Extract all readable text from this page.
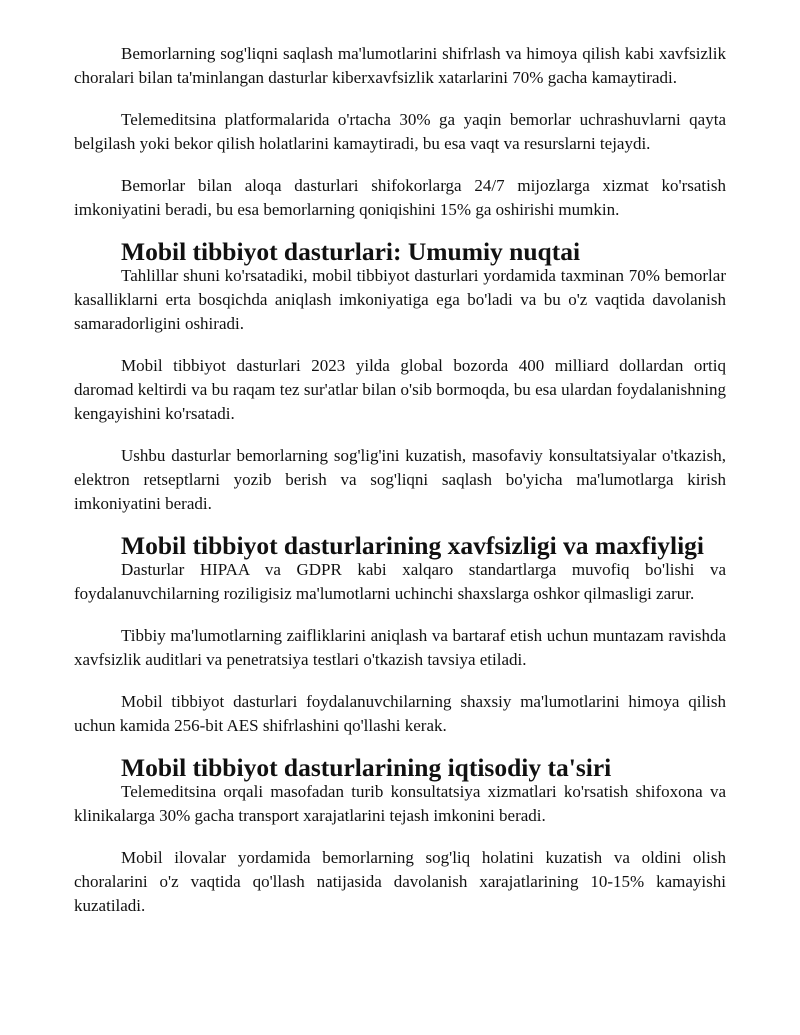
Bemorlarning sog'liqni saqlash ma'lumotlarini shifrlash va himoya qilish kabi xavfsizlik choralari bilan ta'minlangan dasturlar kiberxavfsizlik xatarlarini 70% gacha kamaytiradi.

Telemeditsina platformalarida o'rtacha 30% ga yaqin bemorlar uchrashuvlarni qayta belgilash yoki bekor qilish holatlarini kamaytiradi, bu esa vaqt va resurslarni tejaydi.

Bemorlar bilan aloqa dasturlari shifokorlarga 24/7 mijozlarga xizmat ko'rsatish imkoniyatini beradi, bu esa bemorlarning qoniqishini 15% ga oshirishi mumkin.

Mobil tibbiyot dasturlari: Umumiy nuqtai

Tahlillar shuni ko'rsatadiki, mobil tibbiyot dasturlari yordamida taxminan 70% bemorlar kasalliklarni erta bosqichda aniqlash imkoniyatiga ega bo'ladi va bu o'z vaqtida davolanish samaradorligini oshiradi.

Mobil tibbiyot dasturlari 2023 yilda global bozorda 400 milliard dollardan ortiq daromad keltirdi va bu raqam tez sur'atlar bilan o'sib bormoqda, bu esa ulardan foydalanishning kengayishini ko'rsatadi.

Ushbu dasturlar bemorlarning sog'lig'ini kuzatish, masofaviy konsultatsiyalar o'tkazish, elektron retseptlarni yozib berish va sog'liqni saqlash bo'yicha ma'lumotlarga kirish imkoniyatini beradi.

Mobil tibbiyot dasturlarining xavfsizligi va maxfiyligi

Dasturlar HIPAA va GDPR kabi xalqaro standartlarga muvofiq bo'lishi va foydalanuvchilarning roziligisiz ma'lumotlarni uchinchi shaxslarga oshkor qilmasligi zarur.

Tibbiy ma'lumotlarning zaifliklarini aniqlash va bartaraf etish uchun muntazam ravishda xavfsizlik auditlari va penetratsiya testlari o'tkazish tavsiya etiladi.

Mobil tibbiyot dasturlari foydalanuvchilarning shaxsiy ma'lumotlarini himoya qilish uchun kamida 256-bit AES shifrlashini qo'llashi kerak.

Mobil tibbiyot dasturlarining iqtisodiy ta'siri

Telemeditsina orqali masofadan turib konsultatsiya xizmatlari ko'rsatish shifoxona va klinikalarga 30% gacha transport xarajatlarini tejash imkonini beradi.

Mobil ilovalar yordamida bemorlarning sog'liq holatini kuzatish va oldini olish choralarini o'z vaqtida qo'llash natijasida davolanish xarajatlarining 10-15% kamayishi kuzatiladi.
